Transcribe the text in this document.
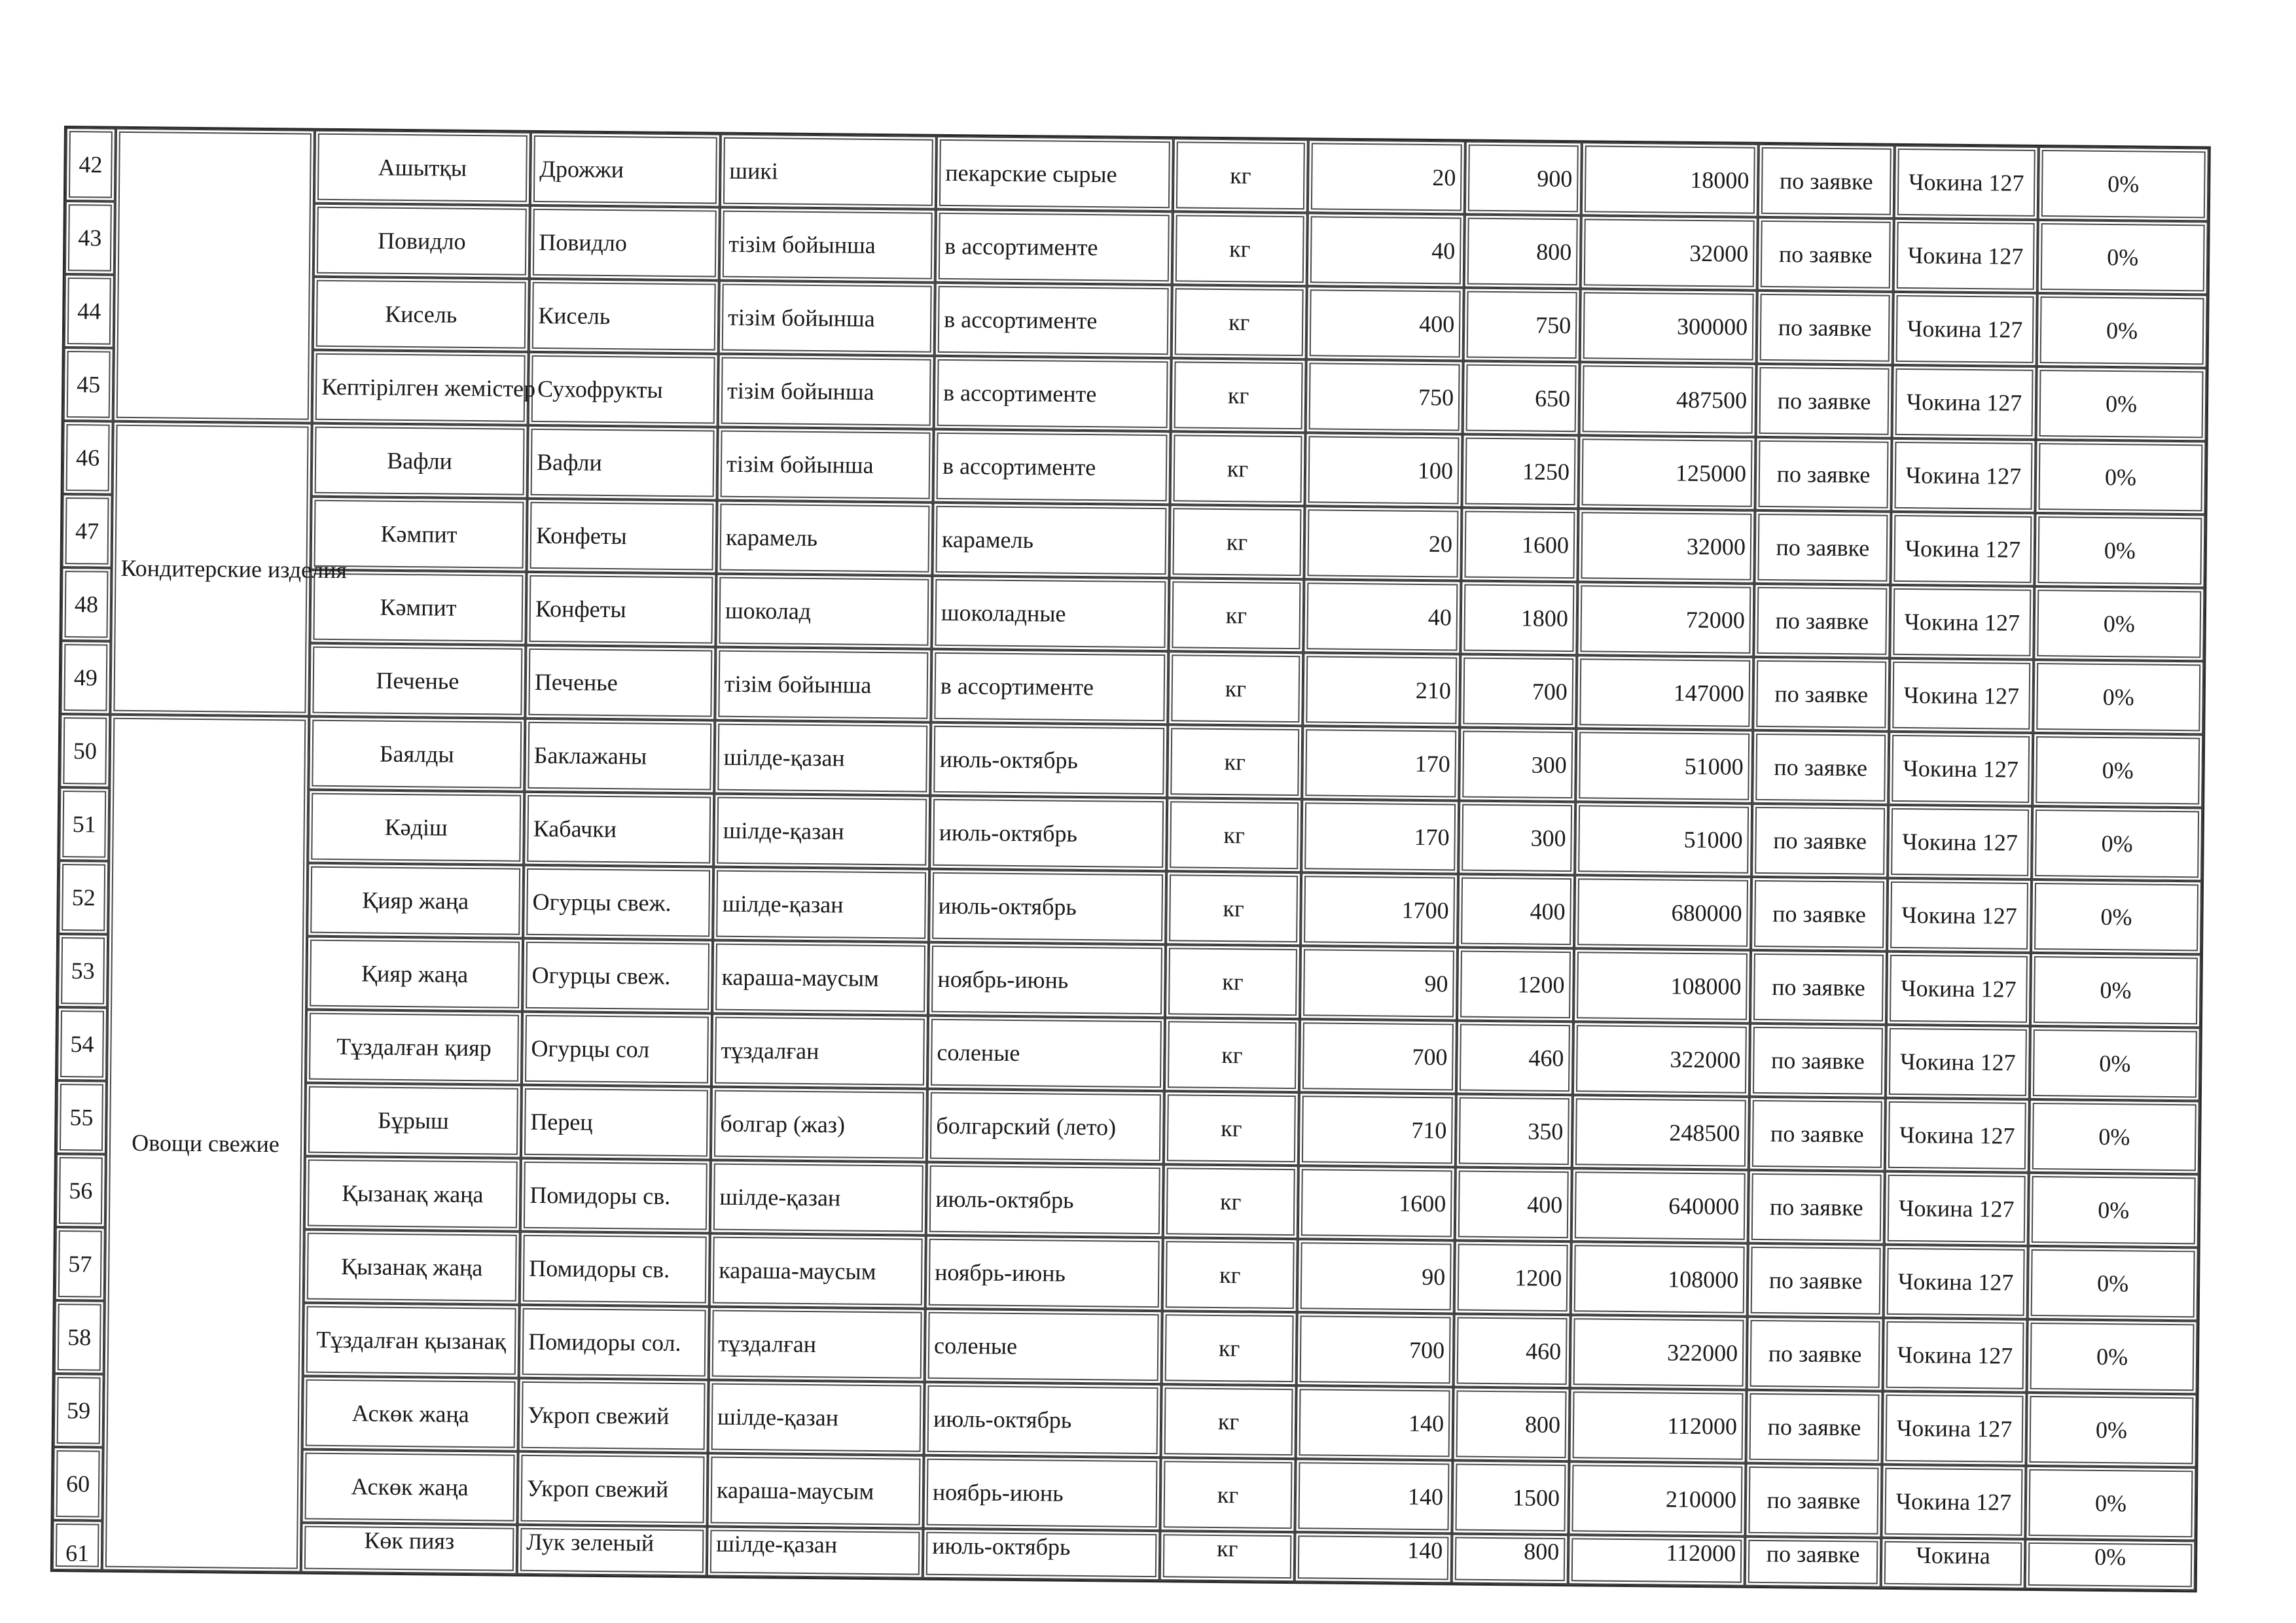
42		Ашытқы	Дрожжи	шикі	пекарские сырые	кг	20	900	18000	по заявке	Чокина 127	0%
43		Повидло	Повидло	тізім бойынша	в ассортименте	кг	40	800	32000	по заявке	Чокина 127	0%
44		Кисель	Кисель	тізім бойынша	в ассортименте	кг	400	750	300000	по заявке	Чокина 127	0%
45		Кептірілген жемістер	Сухофрукты	тізім бойынша	в ассортименте	кг	750	650	487500	по заявке	Чокина 127	0%
46	Кондитерские изделия	Вафли	Вафли	тізім бойынша	в ассортименте	кг	100	1250	125000	по заявке	Чокина 127	0%
47		Кәмпит	Конфеты	карамель	карамель	кг	20	1600	32000	по заявке	Чокина 127	0%
48		Кәмпит	Конфеты	шоколад	шоколадные	кг	40	1800	72000	по заявке	Чокина 127	0%
49		Печенье	Печенье	тізім бойынша	в ассортименте	кг	210	700	147000	по заявке	Чокина 127	0%
50	Овощи свежие	Баялды	Баклажаны	шілде-қазан	июль-октябрь	кг	170	300	51000	по заявке	Чокина 127	0%
51		Кәдіш	Кабачки	шілде-қазан	июль-октябрь	кг	170	300	51000	по заявке	Чокина 127	0%
52		Қияр жаңа	Огурцы свеж.	шілде-қазан	июль-октябрь	кг	1700	400	680000	по заявке	Чокина 127	0%
53		Қияр жаңа	Огурцы свеж.	караша-маусым	ноябрь-июнь	кг	90	1200	108000	по заявке	Чокина 127	0%
54		Тұздалған қияр	Огурцы сол	тұздалған	соленые	кг	700	460	322000	по заявке	Чокина 127	0%
55		Бұрыш	Перец	болгар (жаз)	болгарский (лето)	кг	710	350	248500	по заявке	Чокина 127	0%
56		Қызанақ жаңа	Помидоры св.	шілде-қазан	июль-октябрь	кг	1600	400	640000	по заявке	Чокина 127	0%
57		Қызанақ жаңа	Помидоры св.	караша-маусым	ноябрь-июнь	кг	90	1200	108000	по заявке	Чокина 127	0%
58		Тұздалған қызанақ	Помидоры сол.	тұздалған	соленые	кг	700	460	322000	по заявке	Чокина 127	0%
59		Аскөк жаңа	Укроп свежий	шілде-қазан	июль-октябрь	кг	140	800	112000	по заявке	Чокина 127	0%
60		Аскөк жаңа	Укроп свежий	караша-маусым	ноябрь-июнь	кг	140	1500	210000	по заявке	Чокина 127	0%
61		Көк пияз	Лук зеленый	шілде-қазан	июль-октябрь	кг	140	800	112000	по заявке	Чокина	0%
